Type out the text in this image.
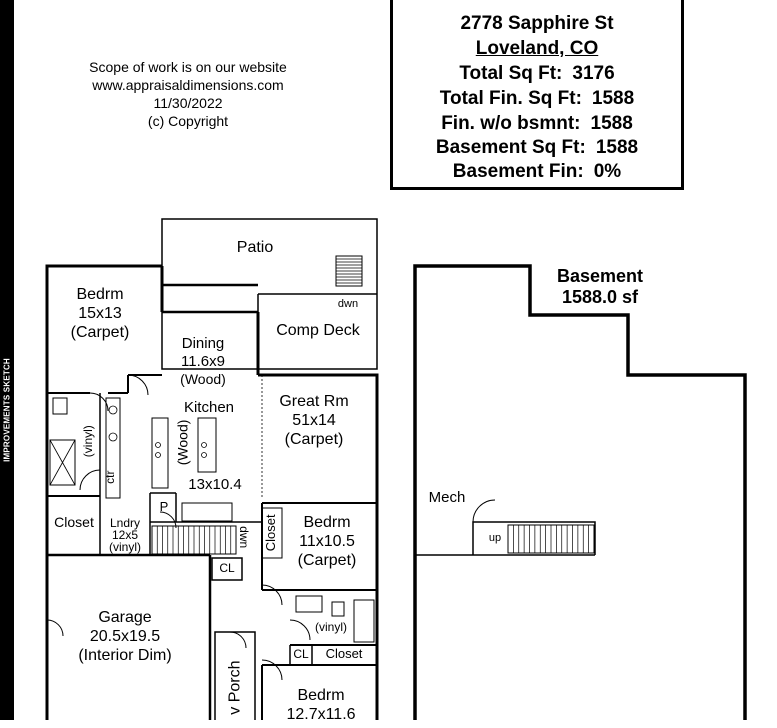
IMPROVEMENTS SKETCH
Scope of work is on our website
www.appraisaldimensions.com
11/30/2022
(c) Copyright
2778 Sapphire St
Loveland, CO
Total Sq Ft: 3176
Total Fin. Sq Ft: 1588
Fin. w/o bsmnt: 1588
Basement Sq Ft: 1588
Basement Fin: 0%
Patio
dwn
Comp Deck
Bedrm
15x13
(Carpet)
Dining
11.6x9
(Wood)
Kitchen
(Wood)
13x10.4
Great Rm
51x14
(Carpet)
(vinyl)
ctr
Closet
P
Lndry
12x5
(vinyl)	dwn Closet	Bedrm
11x10.5
(Carpet)
CL
(vinyl)
CL	Closet
Garage
20.5x19.5
(Interior Dim)
v Porch	Bedrm
12.7x11.6
Basement
1588.0 sf
Mech
up
